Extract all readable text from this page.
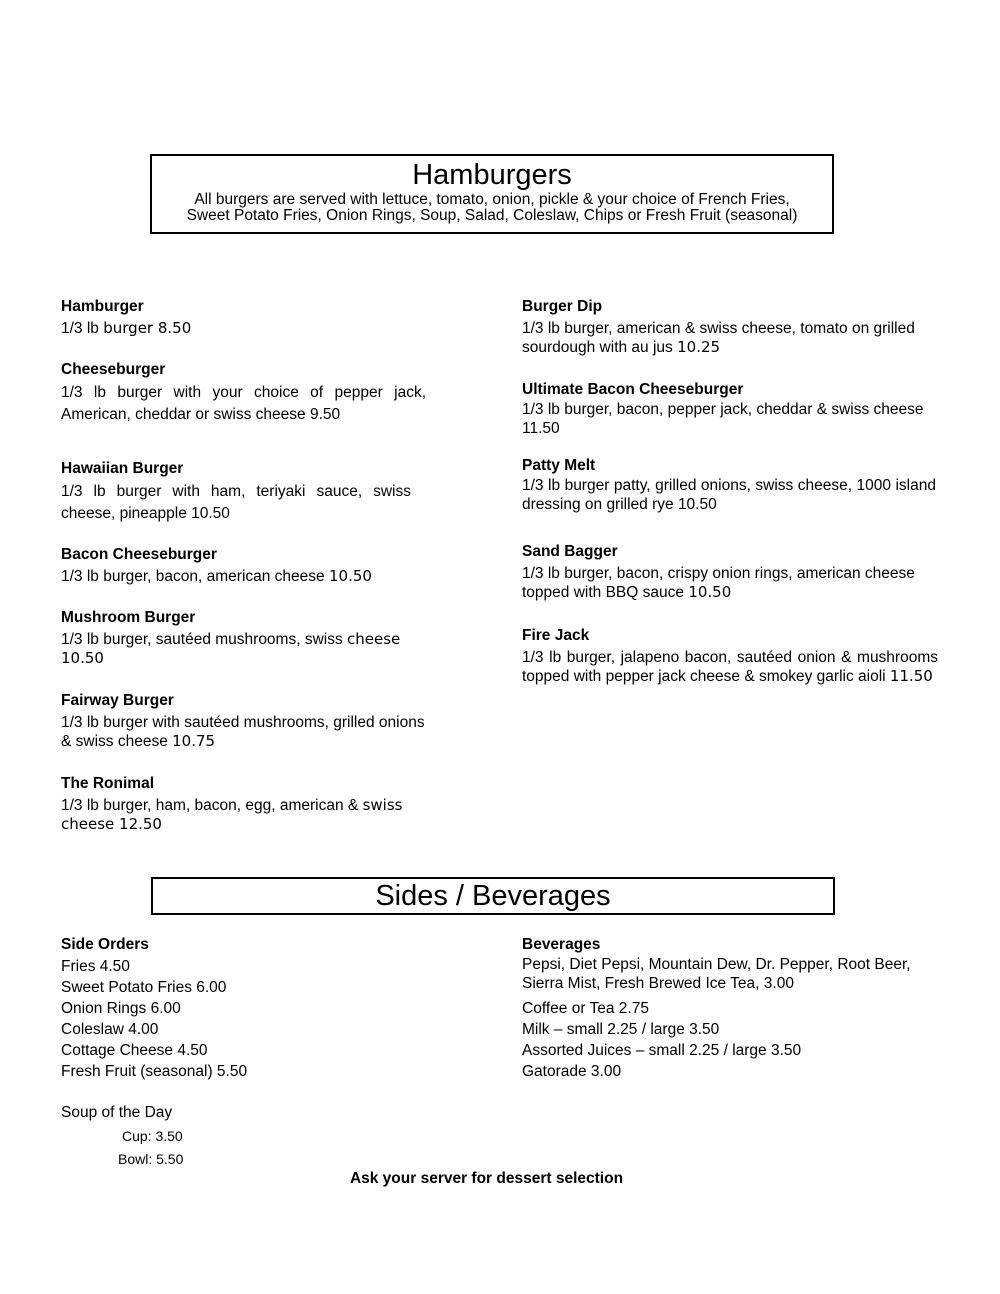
Hamburgers
All burgers are served with lettuce, tomato, onion, pickle & your choice of French Fries,
Sweet Potato Fries, Onion Rings, Soup, Salad, Coleslaw, Chips or Fresh Fruit (seasonal)
Hamburger
1/3 lb burger 8.50
Cheeseburger
1/3 lb burger with your choice of pepper jack, American, cheddar or swiss cheese 9.50
Hawaiian Burger
1/3 lb burger with ham, teriyaki sauce, swiss cheese, pineapple 10.50
Bacon Cheeseburger
1/3 lb burger, bacon, american cheese 10.50
Mushroom Burger
1/3 lb burger, sautéed mushrooms, swiss cheese 10.50
Fairway Burger
1/3 lb burger with sautéed mushrooms, grilled onions & swiss cheese 10.75
The Ronimal
1/3 lb burger, ham, bacon, egg, american & swiss cheese 12.50
Burger Dip
1/3 lb burger, american & swiss cheese, tomato on grilled sourdough with au jus 10.25
Ultimate Bacon Cheeseburger
1/3 lb burger, bacon, pepper jack, cheddar & swiss cheese 11.50
Patty Melt
1/3 lb burger patty, grilled onions, swiss cheese, 1000 island dressing on grilled rye 10.50
Sand Bagger
1/3 lb burger, bacon, crispy onion rings, american cheese topped with BBQ sauce 10.50
Fire Jack
1/3 lb burger, jalapeno bacon, sautéed onion & mushrooms topped with pepper jack cheese & smokey garlic aioli 11.50
Sides / Beverages
Side Orders
Fries 4.50
Sweet Potato Fries 6.00
Onion Rings 6.00
Coleslaw 4.00
Cottage Cheese 4.50
Fresh Fruit (seasonal) 5.50
Soup of the Day
Cup: 3.50
Bowl: 5.50
Beverages
Pepsi, Diet Pepsi, Mountain Dew, Dr. Pepper, Root Beer, Sierra Mist, Fresh Brewed Ice Tea, 3.00
Coffee or Tea 2.75
Milk – small 2.25 / large 3.50
Assorted Juices – small 2.25 / large 3.50
Gatorade 3.00
Ask your server for dessert selection
